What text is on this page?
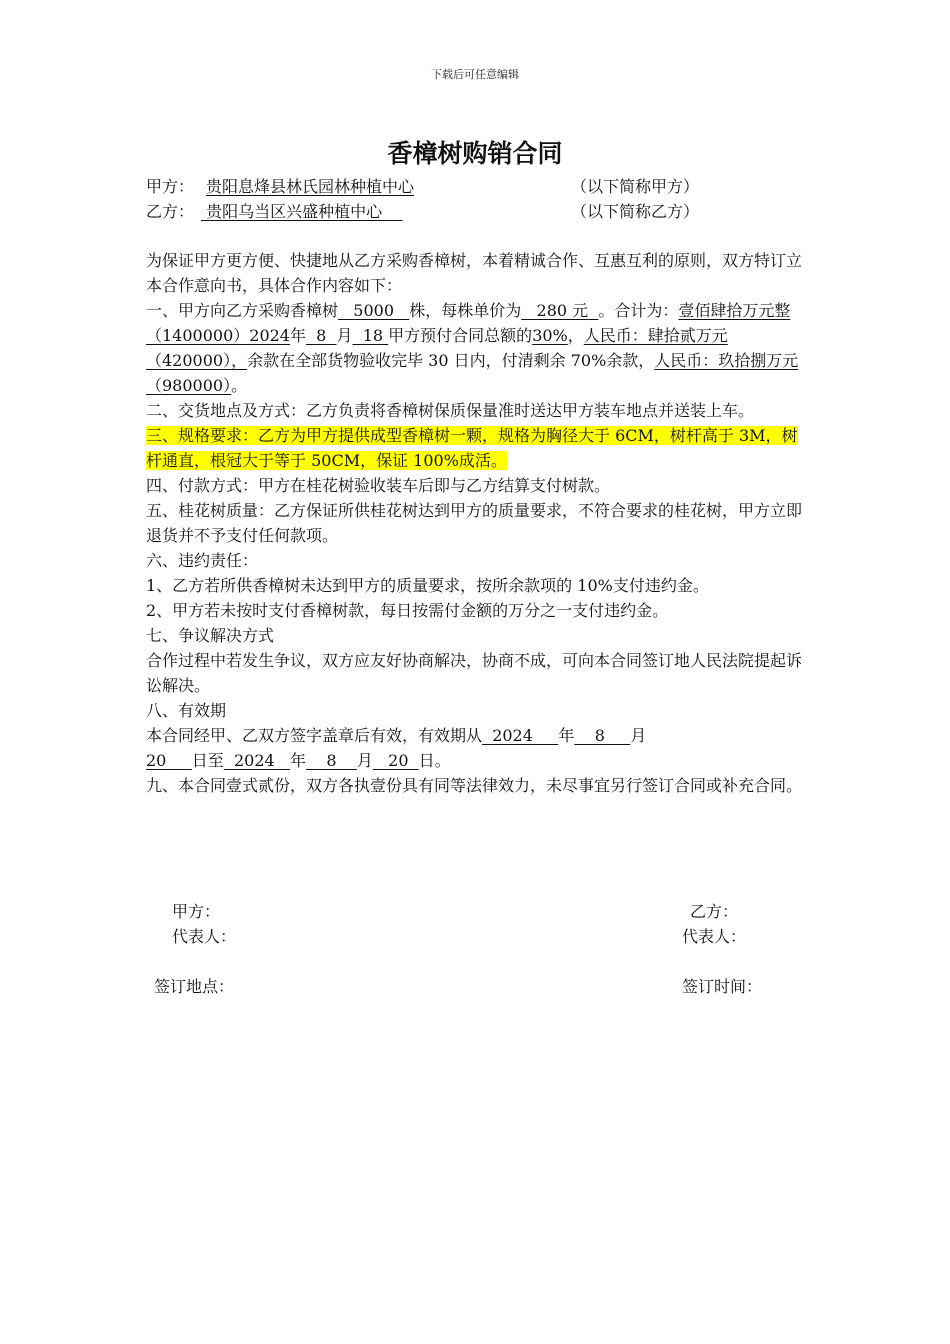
下载后可任意编辑
香樟树购销合同
甲方： 贵阳息烽县林氏园林种植中心	（以下简称甲方）
乙方： 贵阳乌当区兴盛种植中心	（以下简称乙方）

为保证甲方更方便、快捷地从乙方采购香樟树，本着精诚合作、互惠互利的原则，双方特订立本合作意向书，具体合作内容如下：

一、甲方向乙方采购香樟树 5000 株，每株单价为 280 元 。合计为：壹佰肆拾万元整（1400000）2024年 8 月 18 甲方预付合同总额的30%，人民币：肆拾贰万元（420000），余款在全部货物验收完毕 30 日内，付清剩余 70%余款，人民币：玖拾捌万元（980000）。

二、交货地点及方式：乙方负责将香樟树保质保量准时送达甲方装车地点并送装上车。

三、规格要求：乙方为甲方提供成型香樟树一颗，规格为胸径大于 6CM，树杆高于 3M，树杆通直，根冠大于等于 50CM，保证 100%成活。

四、付款方式：甲方在桂花树验收装车后即与乙方结算支付树款。

五、桂花树质量：乙方保证所供桂花树达到甲方的质量要求，不符合要求的桂花树，甲方立即退货并不予支付任何款项。

六、违约责任：

1、乙方若所供香樟树未达到甲方的质量要求，按所余款项的 10%支付违约金。

2、甲方若未按时支付香樟树款，每日按需付金额的万分之一支付违约金。

七、争议解决方式

合作过程中若发生争议，双方应友好协商解决，协商不成，可向本合同签订地人民法院提起诉讼解决。

八、有效期

本合同经甲、乙双方签字盖章后有效，有效期从 2024 年 8 月
20 日至 2024 年 8 月 20 日。

九、本合同壹式贰份，双方各执壹份具有同等法律效力，未尽事宜另行签订合同或补充合同。

甲方：	乙方：
代表人：	代表人：
签订地点：	签订时间：
